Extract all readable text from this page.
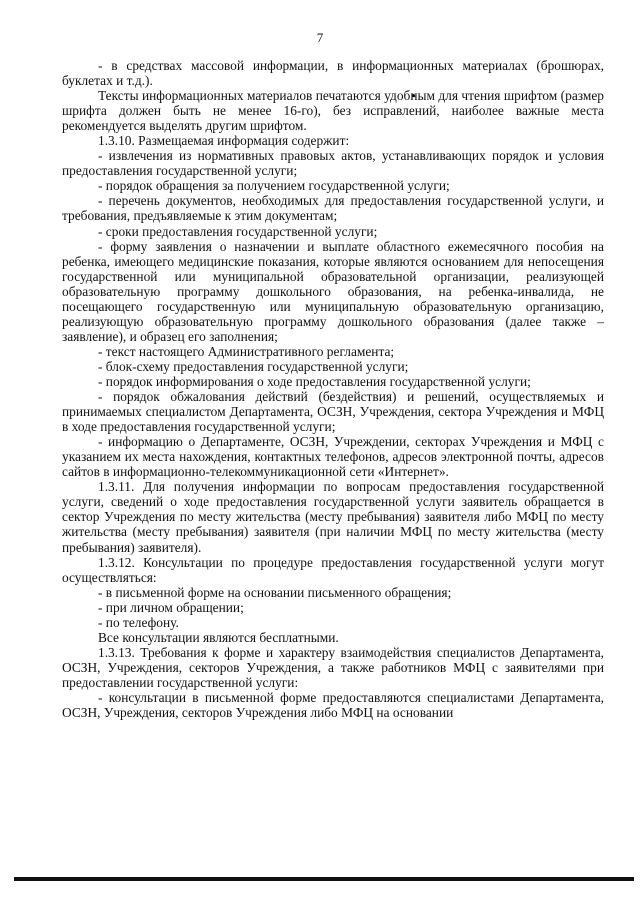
7

- в средствах массовой информации, в информационных материалах (брошюрах, буклетах и т.д.).

Тексты информационных материалов печатаются удобным для чтения шрифтом (размер шрифта должен быть не менее 16-го), без исправлений, наиболее важные места рекомендуется выделять другим шрифтом.

1.3.10. Размещаемая информация содержит:

- извлечения из нормативных правовых актов, устанавливающих порядок и условия предоставления государственной услуги;

- порядок обращения за получением государственной услуги;

- перечень документов, необходимых для предоставления государственной услуги, и требования, предъявляемые к этим документам;

- сроки предоставления государственной услуги;

- форму заявления о назначении и выплате областного ежемесячного пособия на ребенка, имеющего медицинские показания, которые являются основанием для непосещения государственной или муниципальной образовательной организации, реализующей образовательную программу дошкольного образования, на ребенка-инвалида, не посещающего государственную или муниципальную образовательную организацию, реализующую образовательную программу дошкольного образования (далее также – заявление), и образец его заполнения;

- текст настоящего Административного регламента;

- блок-схему предоставления государственной услуги;

- порядок информирования о ходе предоставления государственной услуги;

- порядок обжалования действий (бездействия) и решений, осуществляемых и принимаемых специалистом Департамента, ОСЗН, Учреждения, сектора Учреждения и МФЦ в ходе предоставления государственной услуги;

- информацию о Департаменте, ОСЗН, Учреждении, секторах Учреждения и МФЦ с указанием их места нахождения, контактных телефонов, адресов электронной почты, адресов сайтов в информационно-телекоммуникационной сети «Интернет».

1.3.11. Для получения информации по вопросам предоставления государственной услуги, сведений о ходе предоставления государственной услуги заявитель обращается в сектор Учреждения по месту жительства (месту пребывания) заявителя либо МФЦ по месту жительства (месту пребывания) заявителя (при наличии МФЦ по месту жительства (месту пребывания) заявителя).

1.3.12. Консультации по процедуре предоставления государственной услуги могут осуществляться:

- в письменной форме на основании письменного обращения;

- при личном обращении;

- по телефону.

Все консультации являются бесплатными.

1.3.13. Требования к форме и характеру взаимодействия специалистов Департамента, ОСЗН, Учреждения, секторов Учреждения, а также работников МФЦ с заявителями при предоставлении государственной услуги:

- консультации в письменной форме предоставляются специалистами Департамента, ОСЗН, Учреждения, секторов Учреждения либо МФЦ на основании
